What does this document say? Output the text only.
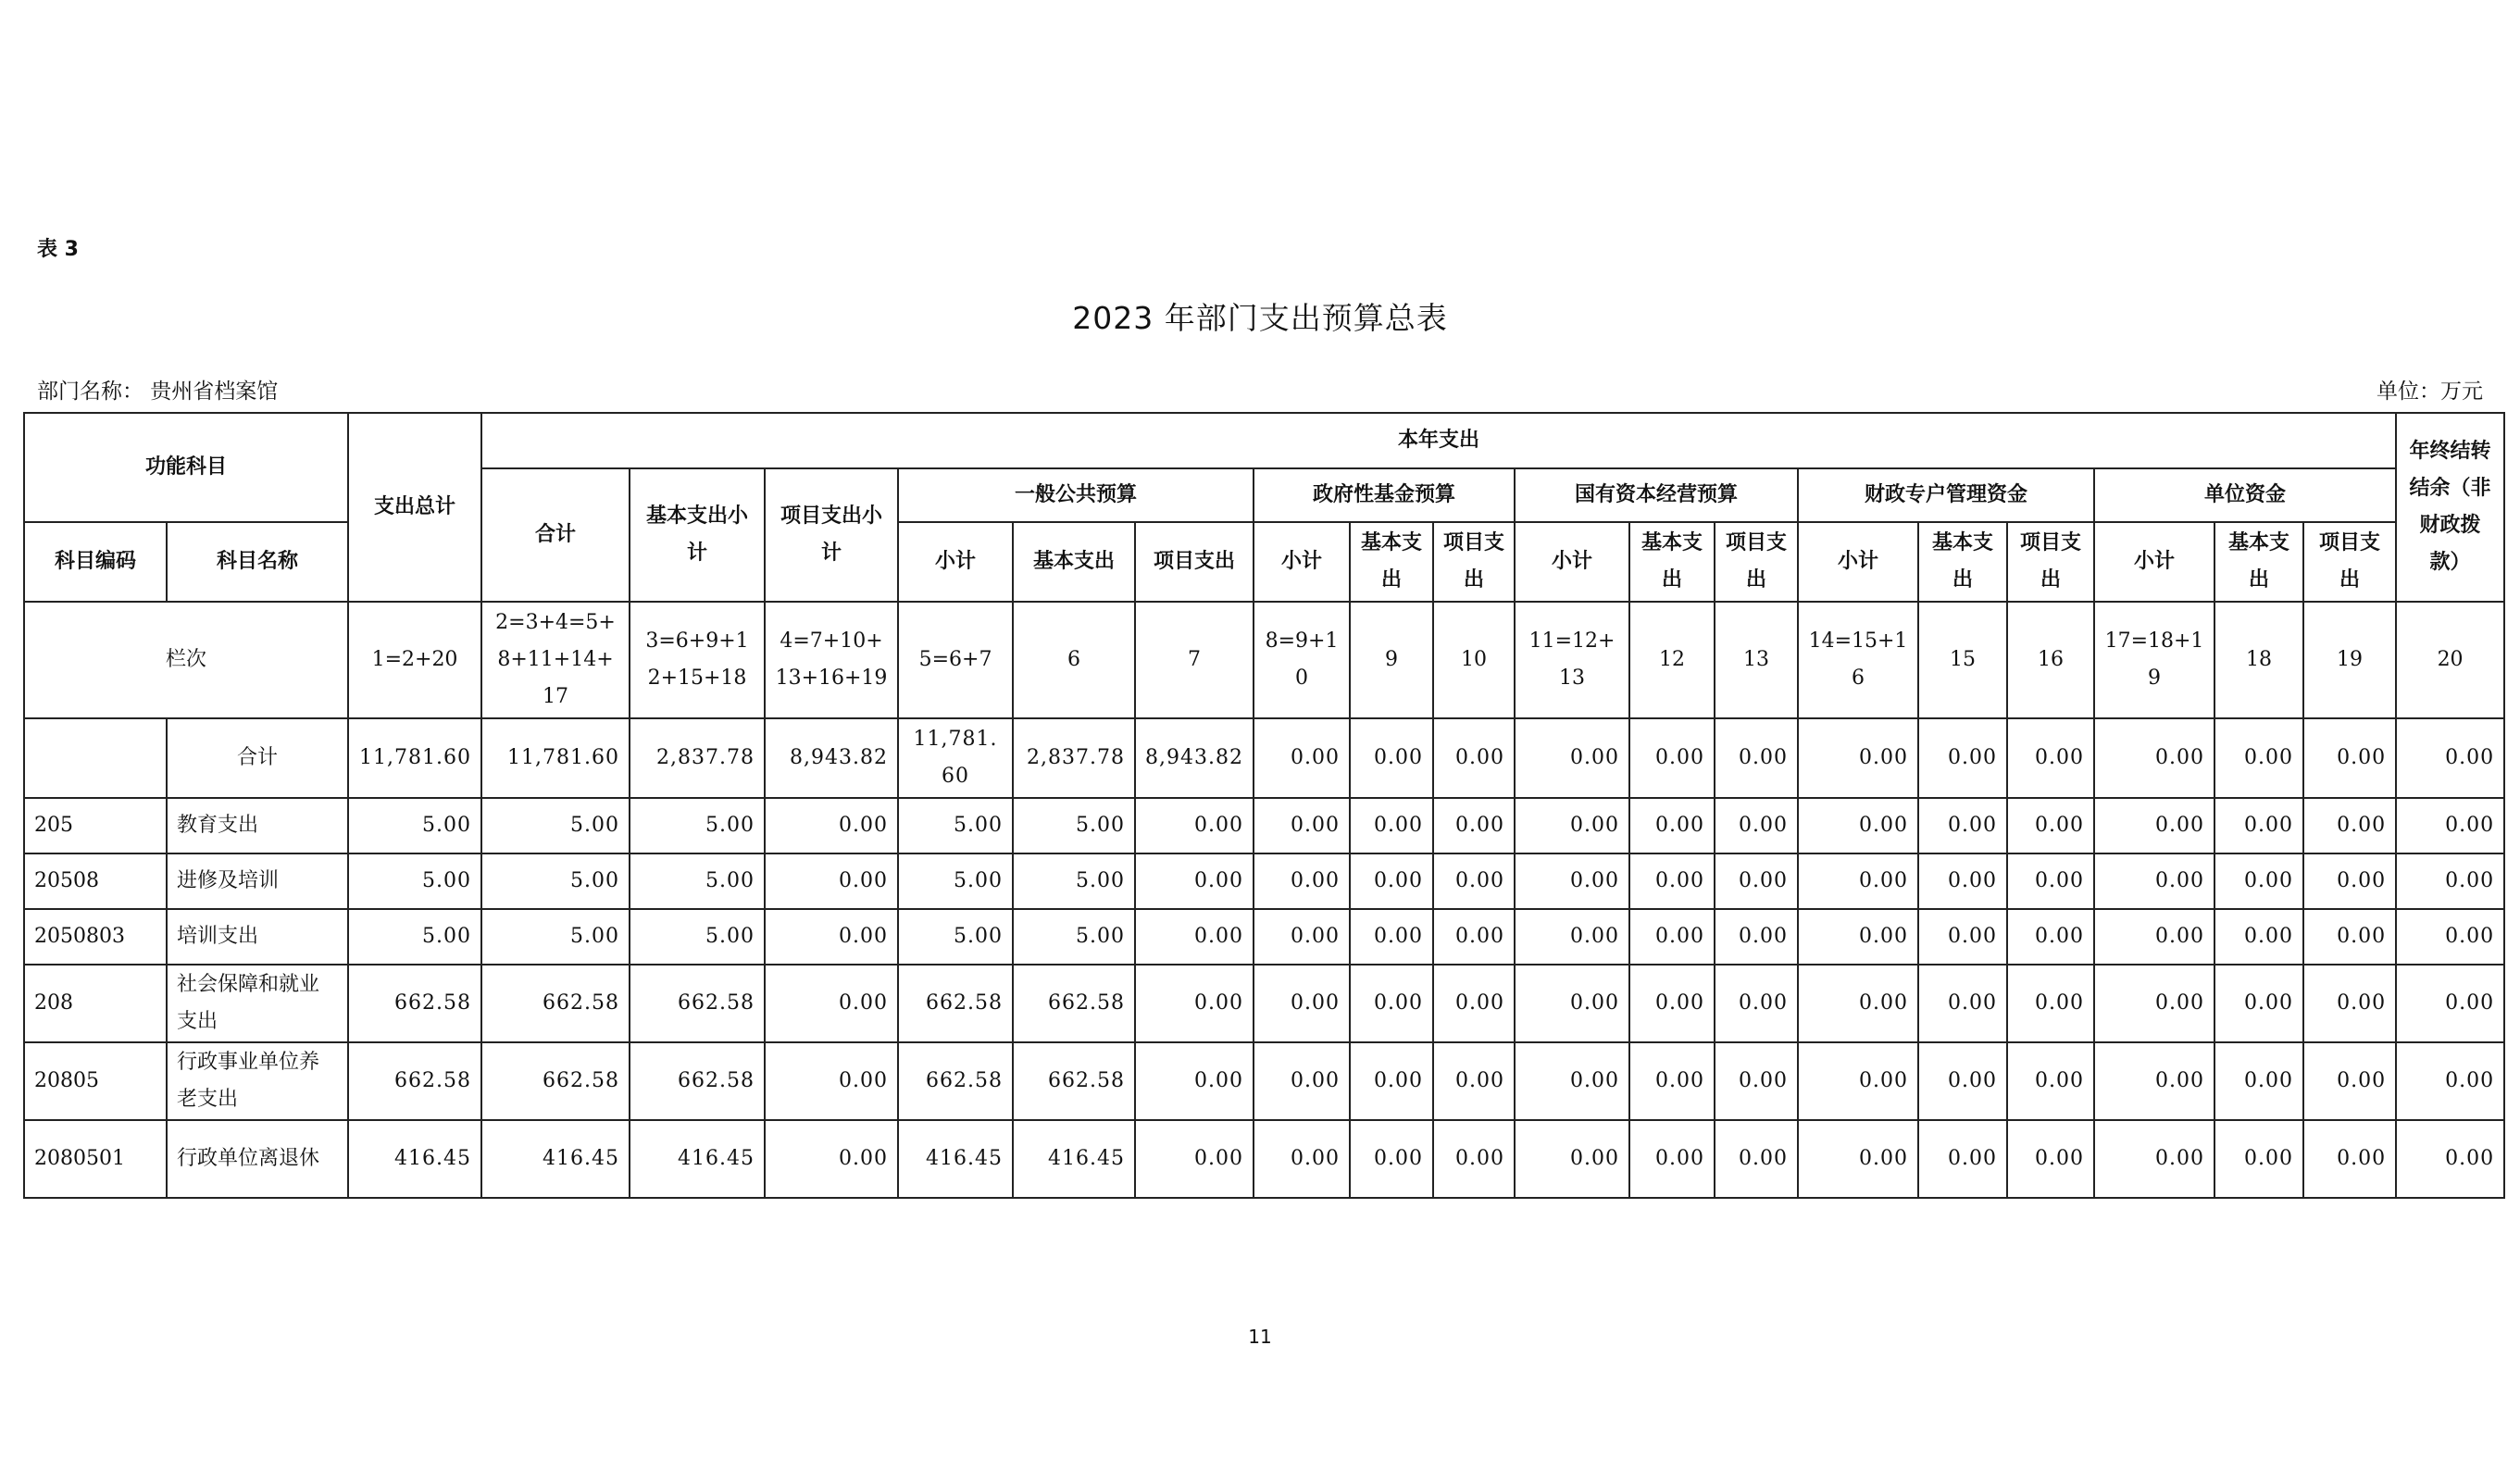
表 3
2023 年部门支出预算总表
部门名称： 贵州省档案馆	单位：万元
功能科目		支出总计	本年支出																		年终结转结余（非财政拨款）
			合计	基本支出小计	项目支出小计	一般公共预算			政府性基金预算			国有资本经营预算			财政专户管理资金			单位资金			
科目编码	科目名称					小计	基本支出	项目支出	小计	基本支出	项目支出	小计	基本支出	项目支出	小计	基本支出	项目支出	小计	基本支出	项目支出	
栏次		1=2+20	2=3+4=5+8+11+14+17	3=6+9+12+15+18	4=7+10+13+16+19	5=6+7	6	7	8=9+10	9	10	11=12+13	12	13	14=15+16	15	16	17=18+19	18	19	20
	合计	11,781.60	11,781.60	2,837.78	8,943.82	11,781.60	2,837.78	8,943.82	0.00	0.00	0.00	0.00	0.00	0.00	0.00	0.00	0.00	0.00	0.00	0.00	0.00
205	教育支出	5.00	5.00	5.00	0.00	5.00	5.00	0.00	0.00	0.00	0.00	0.00	0.00	0.00	0.00	0.00	0.00	0.00	0.00	0.00	0.00
20508	进修及培训	5.00	5.00	5.00	0.00	5.00	5.00	0.00	0.00	0.00	0.00	0.00	0.00	0.00	0.00	0.00	0.00	0.00	0.00	0.00	0.00
2050803	培训支出	5.00	5.00	5.00	0.00	5.00	5.00	0.00	0.00	0.00	0.00	0.00	0.00	0.00	0.00	0.00	0.00	0.00	0.00	0.00	0.00
208	社会保障和就业支出	662.58	662.58	662.58	0.00	662.58	662.58	0.00	0.00	0.00	0.00	0.00	0.00	0.00	0.00	0.00	0.00	0.00	0.00	0.00	0.00
20805	行政事业单位养老支出	662.58	662.58	662.58	0.00	662.58	662.58	0.00	0.00	0.00	0.00	0.00	0.00	0.00	0.00	0.00	0.00	0.00	0.00	0.00	0.00
2080501	行政单位离退休	416.45	416.45	416.45	0.00	416.45	416.45	0.00	0.00	0.00	0.00	0.00	0.00	0.00	0.00	0.00	0.00	0.00	0.00	0.00	0.00
11
